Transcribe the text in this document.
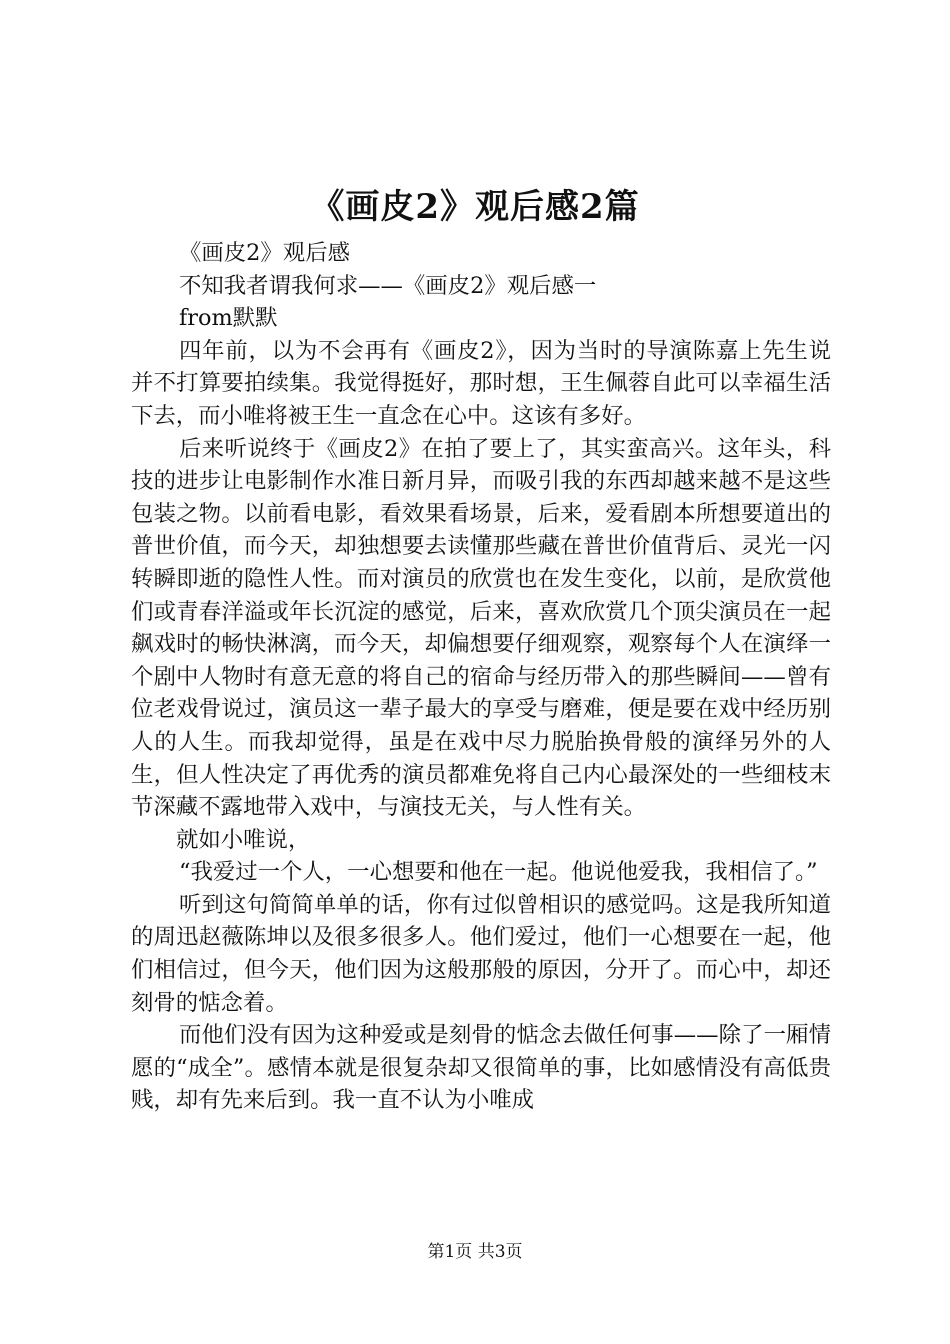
《画皮2》观后感2篇

《画皮2》观后感

不知我者谓我何求——《画皮2》观后感一

from默默

四年前，以为不会再有《画皮2》，因为当时的导演陈嘉上先生说并不打算要拍续集。我觉得挺好，那时想，王生佩蓉自此可以幸福生活下去，而小唯将被王生一直念在心中。这该有多好。

后来听说终于《画皮2》在拍了要上了，其实蛮高兴。这年头，科技的进步让电影制作水准日新月异，而吸引我的东西却越来越不是这些包装之物。以前看电影，看效果看场景，后来，爱看剧本所想要道出的普世价值，而今天，却独想要去读懂那些藏在普世价值背后、灵光一闪转瞬即逝的隐性人性。而对演员的欣赏也在发生变化，以前，是欣赏他们或青春洋溢或年长沉淀的感觉，后来，喜欢欣赏几个顶尖演员在一起飙戏时的畅快淋漓，而今天，却偏想要仔细观察，观察每个人在演绎一个剧中人物时有意无意的将自己的宿命与经历带入的那些瞬间——曾有位老戏骨说过，演员这一辈子最大的享受与磨难，便是要在戏中经历别人的人生。而我却觉得，虽是在戏中尽力脱胎换骨般的演绎另外的人生，但人性决定了再优秀的演员都难免将自己内心最深处的一些细枝末节深藏不露地带入戏中，与演技无关，与人性有关。

就如小唯说，

“我爱过一个人，一心想要和他在一起。他说他爱我，我相信了。”

听到这句简简单单的话，你有过似曾相识的感觉吗。这是我所知道的周迅赵薇陈坤以及很多很多人。他们爱过，他们一心想要在一起，他们相信过，但今天，他们因为这般那般的原因，分开了。而心中，却还刻骨的惦念着。

而他们没有因为这种爱或是刻骨的惦念去做任何事——除了一厢情愿的“成全”。感情本就是很复杂却又很简单的事，比如感情没有高低贵贱，却有先来后到。我一直不认为小唯成

第1页 共3页
